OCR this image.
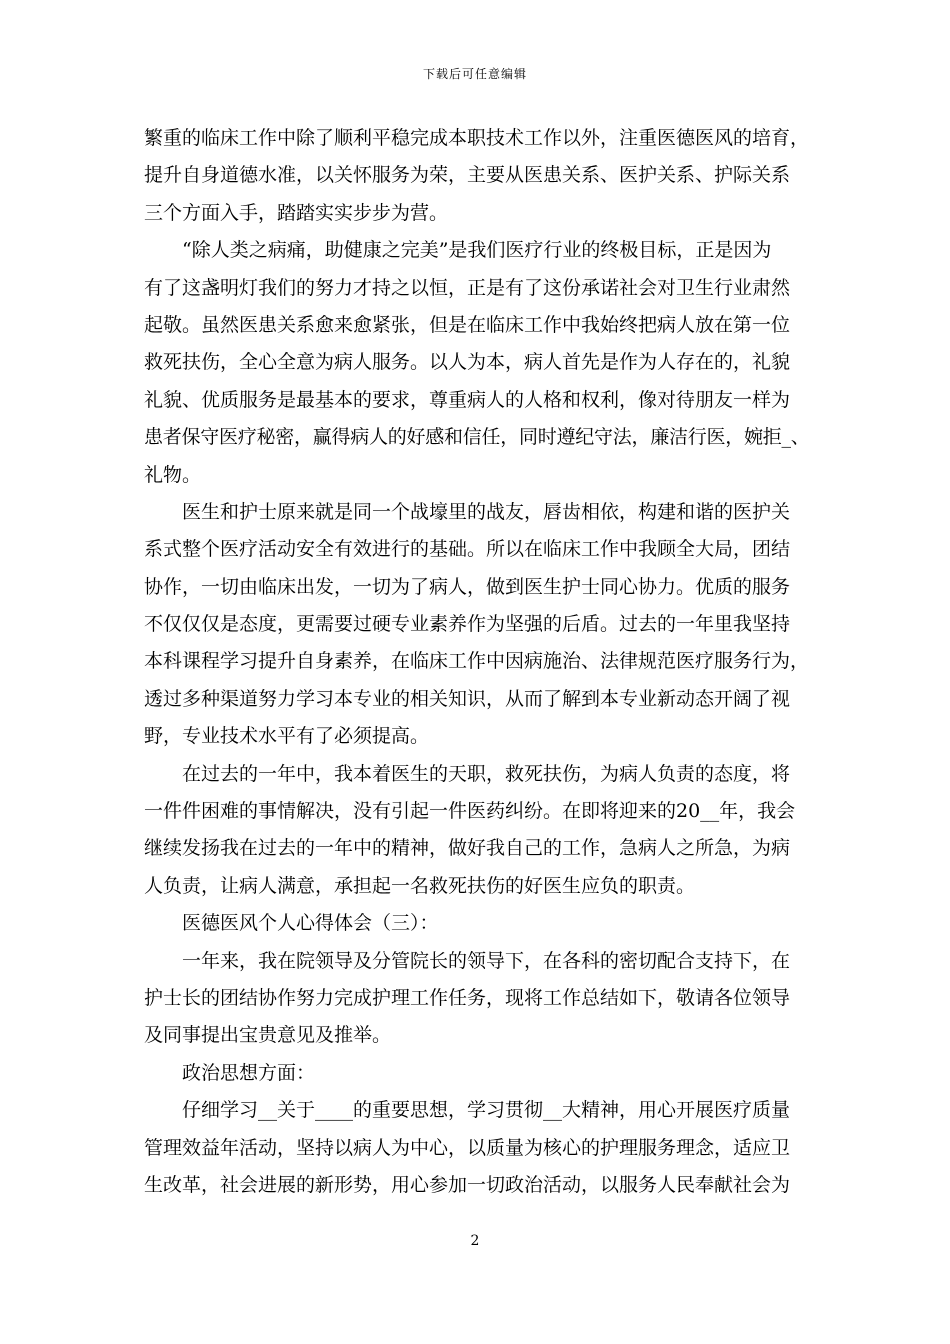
下载后可任意编辑
繁重的临床工作中除了顺利平稳完成本职技术工作以外，注重医德医风的培育，
提升自身道德水准，以关怀服务为荣，主要从医患关系、医护关系、护际关系
三个方面入手，踏踏实实步步为营。
　　“除人类之病痛，助健康之完美”是我们医疗行业的终极目标，正是因为
有了这盏明灯我们的努力才持之以恒，正是有了这份承诺社会对卫生行业肃然
起敬。虽然医患关系愈来愈紧张，但是在临床工作中我始终把病人放在第一位
救死扶伤，全心全意为病人服务。以人为本，病人首先是作为人存在的，礼貌
礼貌、优质服务是最基本的要求，尊重病人的人格和权利，像对待朋友一样为
患者保守医疗秘密，赢得病人的好感和信任，同时遵纪守法，廉洁行医，婉拒_、
礼物。
　　医生和护士原来就是同一个战壕里的战友，唇齿相依，构建和谐的医护关
系式整个医疗活动安全有效进行的基础。所以在临床工作中我顾全大局，团结
协作，一切由临床出发，一切为了病人，做到医生护士同心协力。优质的服务
不仅仅仅是态度，更需要过硬专业素养作为坚强的后盾。过去的一年里我坚持
本科课程学习提升自身素养，在临床工作中因病施治、法律规范医疗服务行为，
透过多种渠道努力学习本专业的相关知识，从而了解到本专业新动态开阔了视
野，专业技术水平有了必须提高。
　　在过去的一年中，我本着医生的天职，救死扶伤，为病人负责的态度，将
一件件困难的事情解决，没有引起一件医药纠纷。在即将迎来的20__年，我会
继续发扬我在过去的一年中的精神，做好我自己的工作，急病人之所急，为病
人负责，让病人满意，承担起一名救死扶伤的好医生应负的职责。
　　医德医风个人心得体会（三）：
　　一年来，我在院领导及分管院长的领导下，在各科的密切配合支持下，在
护士长的团结协作努力完成护理工作任务，现将工作总结如下，敬请各位领导
及同事提出宝贵意见及推举。
　　政治思想方面：
　　仔细学习__关于____的重要思想，学习贯彻__大精神，用心开展医疗质量
管理效益年活动，坚持以病人为中心，以质量为核心的护理服务理念，适应卫
生改革，社会进展的新形势，用心参加一切政治活动，以服务人民奉献社会为
2
